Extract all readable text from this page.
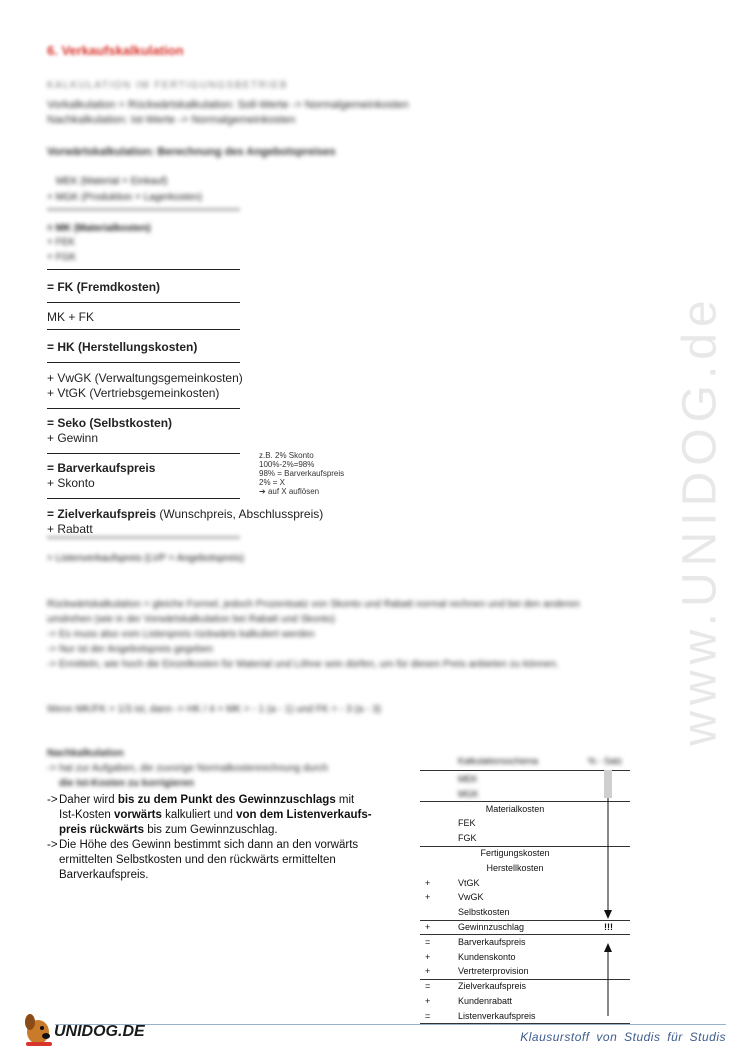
www.UNIDOG.de
6. Verkaufskalkulation
KALKULATION IM FERTIGUNGSBETRIEB
Vorkalkulation = Rückwärtskalkulation: Soll-Werte -> Normalgemeinkosten
Nachkalkulation: Ist-Werte -> Normalgemeinkosten
Vorwärtskalkulation: Berechnung des Angebotspreises
MEK (Material + Einkauf)
+ MGK (Produktion + Lagerkosten)
= MK (Materialkosten)
+ FEK
+ FGK
= FK (Fremdkosten)
MK + FK
= HK (Herstellungskosten)
+ VwGK (Verwaltungsgemeinkosten)
+ VtGK (Vertriebsgemeinkosten)
= Seko (Selbstkosten)
+ Gewinn
= Barverkaufspreis
+ Skonto
= Zielverkaufspreis (Wunschpreis, Abschlusspreis)
+ Rabatt
= Listenverkaufspreis (LVP = Angebotspreis)
z.B. 2% Skonto
100%-2%=98%
98% = Barverkaufspreis
2% = X
➔ auf X auflösen
Rückwärtskalkulation = gleiche Formel, jedoch Prozentsatz von Skonto und Rabatt normal rechnen und bei den anderen
umdrehen (wie in der Vorwärtskalkulation bei Rabatt und Skonto)
-> Es muss also vom Listenpreis rückwärts kalkuliert werden
-> Nur ist der Angebotspreis gegeben
-> Ermitteln, wie hoch die Einzelkosten für Material und Löhne sein dürfen, um für diesen Preis anbieten zu können.
Wenn MK/FK = 1/3 ist, dann -> HK / 4 = MK = - 1 (a - 1) und FK = - 3 (a - 3)
Nachkalkulation
-> hat zur Aufgaben, die zuvorige Normalkostenrechnung durch
die Ist-Kosten zu korrigieren
-> Daher wird bis zu dem Punkt des Gewinnzuschlags mit
Ist-Kosten vorwärts kalkuliert und von dem Listenverkaufs-
preis rückwärts bis zum Gewinnzuschlag.
-> Die Höhe des Gewinn bestimmt sich dann an den vorwärts
ermittelten Selbstkosten und den rückwärts ermittelten
Barverkaufspreis.
Kalkulationsschema	% - Satz
MEK
MGK
Materialkosten
FEK
FGK
Fertigungskosten
Herstellkosten
+	VtGK
+	VwGK
Selbstkosten
+	Gewinnzuschlag	!!!
=	Barverkaufspreis
+	Kundenskonto
+	Vertreterprovision
=	Zielverkaufspreis
+	Kundenrabatt
=	Listenverkaufspreis
UNIDOG.DE	Klausurstoff von Studis für Studis
